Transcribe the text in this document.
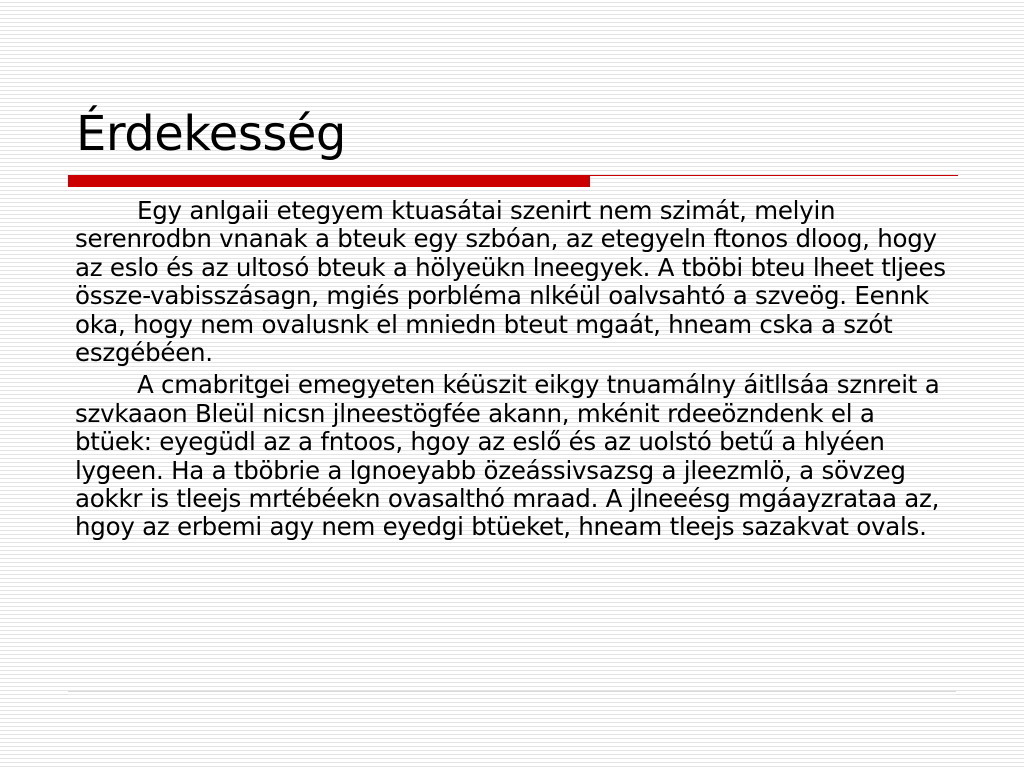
Érdekesség

Egy anlgaii etegyem ktuasátai szenirt nem szimát, melyin serenrodbn vnanak a bteuk egy szbóan, az etegyeln ftonos dloog, hogy az eslo és az ultosó bteuk a hölyeükn lneegyek. A tböbi bteu lheet tljees össze-vabisszásagn, mgiés porbléma nlkéül oalvsahtó a szveög. Eennk oka, hogy nem ovalusnk el mniedn bteut mgaát, hneam cska a szót eszgébéen.

A cmabritgei emegyeten kéüszit eikgy tnuamálny áitllsáa sznreit a szvkaaon Bleül nicsn jlneestögfée akann, mkénit rdeeözndenk el a btüek: eyegüdl az a fntoos, hgoy az eslő és az uolstó betű a hlyéen lygeen. Ha a tböbrie a lgnoeyabb özeássivsazsg a jleezmlö, a sövzeg aokkr is tleejs mrtébéekn ovasalthó mraad. A jlneeésg mgáayzrataa az, hgoy az erbemi agy nem eyedgi btüeket, hneam tleejs sazakvat ovals.
